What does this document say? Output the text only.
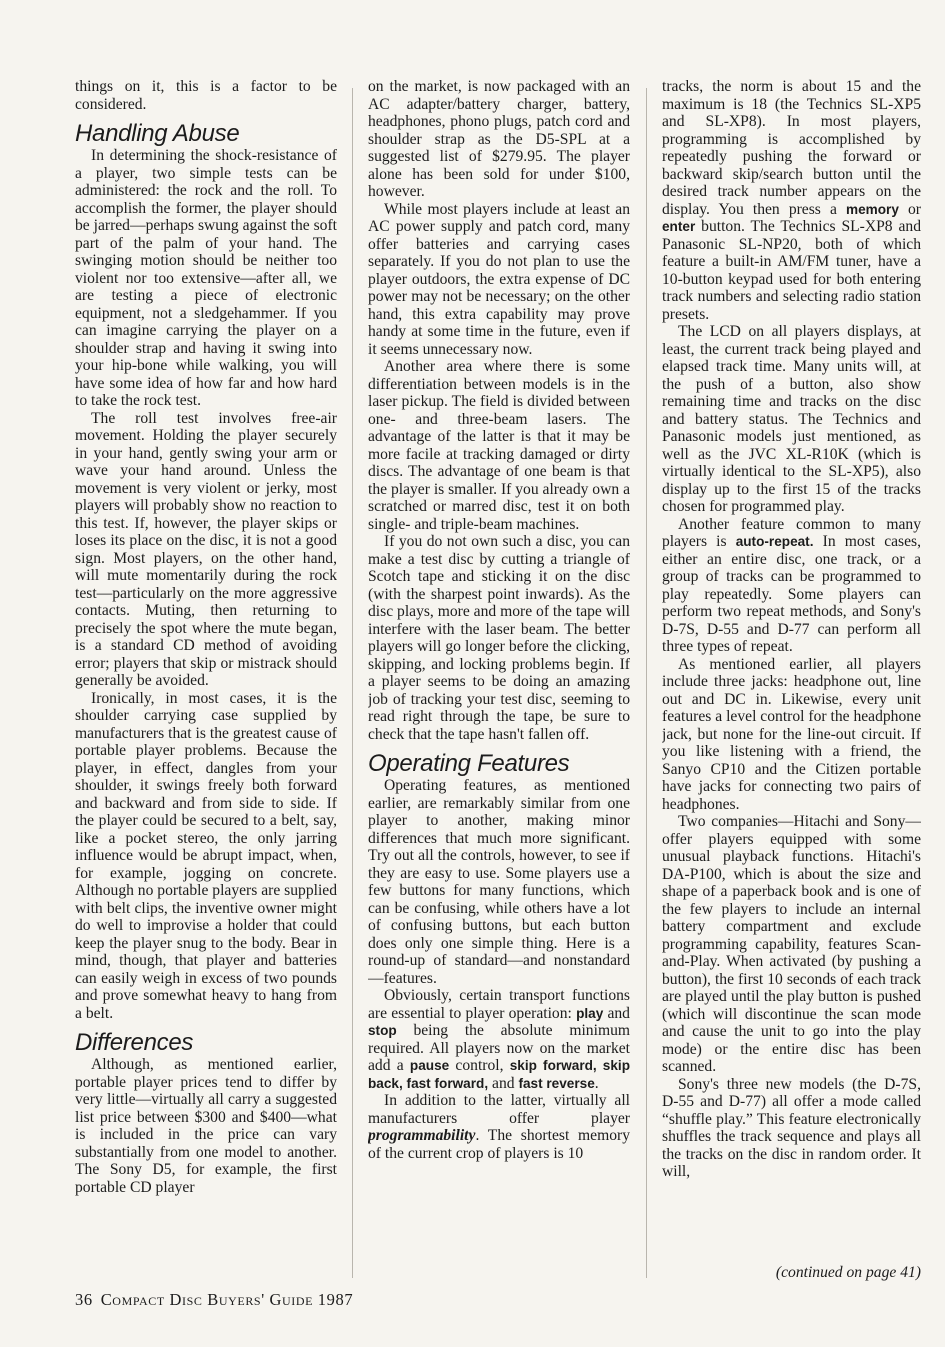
things on it, this is a factor to be considered.

Handling Abuse

In determining the shock-resistance of a player, two simple tests can be administered: the rock and the roll. To accomplish the former, the player should be jarred—perhaps swung against the soft part of the palm of your hand. The swinging motion should be neither too violent nor too extensive—after all, we are testing a piece of electronic equipment, not a sledgehammer. If you can imagine carrying the player on a shoulder strap and having it swing into your hip-bone while walking, you will have some idea of how far and how hard to take the rock test.

The roll test involves free-air movement. Holding the player securely in your hand, gently swing your arm or wave your hand around. Unless the movement is very violent or jerky, most players will probably show no reaction to this test. If, however, the player skips or loses its place on the disc, it is not a good sign. Most players, on the other hand, will mute momentarily during the rock test—particularly on the more aggressive contacts. Muting, then returning to precisely the spot where the mute began, is a standard CD method of avoiding error; players that skip or mistrack should generally be avoided.

Ironically, in most cases, it is the shoulder carrying case supplied by manufacturers that is the greatest cause of portable player problems. Because the player, in effect, dangles from your shoulder, it swings freely both forward and backward and from side to side. If the player could be secured to a belt, say, like a pocket stereo, the only jarring influence would be abrupt impact, when, for example, jogging on concrete. Although no portable players are supplied with belt clips, the inventive owner might do well to improvise a holder that could keep the player snug to the body. Bear in mind, though, that player and batteries can easily weigh in excess of two pounds and prove somewhat heavy to hang from a belt.

Differences

Although, as mentioned earlier, portable player prices tend to differ by very little—virtually all carry a suggested list price between $300 and $400—what is included in the price can vary substantially from one model to another. The Sony D5, for example, the first portable CD player

on the market, is now packaged with an AC adapter/battery charger, battery, headphones, phono plugs, patch cord and shoulder strap as the D5-SPL at a suggested list of $279.95. The player alone has been sold for under $100, however.

While most players include at least an AC power supply and patch cord, many offer batteries and carrying cases separately. If you do not plan to use the player outdoors, the extra expense of DC power may not be necessary; on the other hand, this extra capability may prove handy at some time in the future, even if it seems unnecessary now.

Another area where there is some differentiation between models is in the laser pickup. The field is divided between one- and three-beam lasers. The advantage of the latter is that it may be more facile at tracking damaged or dirty discs. The advantage of one beam is that the player is smaller. If you already own a scratched or marred disc, test it on both single- and triple-beam machines.

If you do not own such a disc, you can make a test disc by cutting a triangle of Scotch tape and sticking it on the disc (with the sharpest point inwards). As the disc plays, more and more of the tape will interfere with the laser beam. The better players will go longer before the clicking, skipping, and locking problems begin. If a player seems to be doing an amazing job of tracking your test disc, seeming to read right through the tape, be sure to check that the tape hasn't fallen off.

Operating Features

Operating features, as mentioned earlier, are remarkably similar from one player to another, making minor differences that much more significant. Try out all the controls, however, to see if they are easy to use. Some players use a few buttons for many functions, which can be confusing, while others have a lot of confusing buttons, but each button does only one simple thing. Here is a round-up of standard—and nonstandard—features.

Obviously, certain transport functions are essential to player operation: play and stop being the absolute minimum required. All players now on the market add a pause control, skip forward, skip back, fast forward, and fast reverse.

In addition to the latter, virtually all manufacturers offer player programmability. The shortest memory of the current crop of players is 10

tracks, the norm is about 15 and the maximum is 18 (the Technics SL-XP5 and SL-XP8). In most players, programming is accomplished by repeatedly pushing the forward or backward skip/search button until the desired track number appears on the display. You then press a memory or enter button. The Technics SL-XP8 and Panasonic SL-NP20, both of which feature a built-in AM/FM tuner, have a 10-button keypad used for both entering track numbers and selecting radio station presets.

The LCD on all players displays, at least, the current track being played and elapsed track time. Many units will, at the push of a button, also show remaining time and tracks on the disc and battery status. The Technics and Panasonic models just mentioned, as well as the JVC XL-R10K (which is virtually identical to the SL-XP5), also display up to the first 15 of the tracks chosen for programmed play.

Another feature common to many players is auto-repeat. In most cases, either an entire disc, one track, or a group of tracks can be programmed to play repeatedly. Some players can perform two repeat methods, and Sony's D-7S, D-55 and D-77 can perform all three types of repeat.

As mentioned earlier, all players include three jacks: headphone out, line out and DC in. Likewise, every unit features a level control for the headphone jack, but none for the line-out circuit. If you like listening with a friend, the Sanyo CP10 and the Citizen portable have jacks for connecting two pairs of headphones.

Two companies—Hitachi and Sony—offer players equipped with some unusual playback functions. Hitachi's DA-P100, which is about the size and shape of a paperback book and is one of the few players to include an internal battery compartment and exclude programming capability, features Scan-and-Play. When activated (by pushing a button), the first 10 seconds of each track are played until the play button is pushed (which will discontinue the scan mode and cause the unit to go into the play mode) or the entire disc has been scanned.

Sony's three new models (the D-7S, D-55 and D-77) all offer a mode called “shuffle play.” This feature electronically shuffles the track sequence and plays all the tracks on the disc in random order. It will,

(continued on page 41)
36 Compact Disc Buyers' Guide 1987
